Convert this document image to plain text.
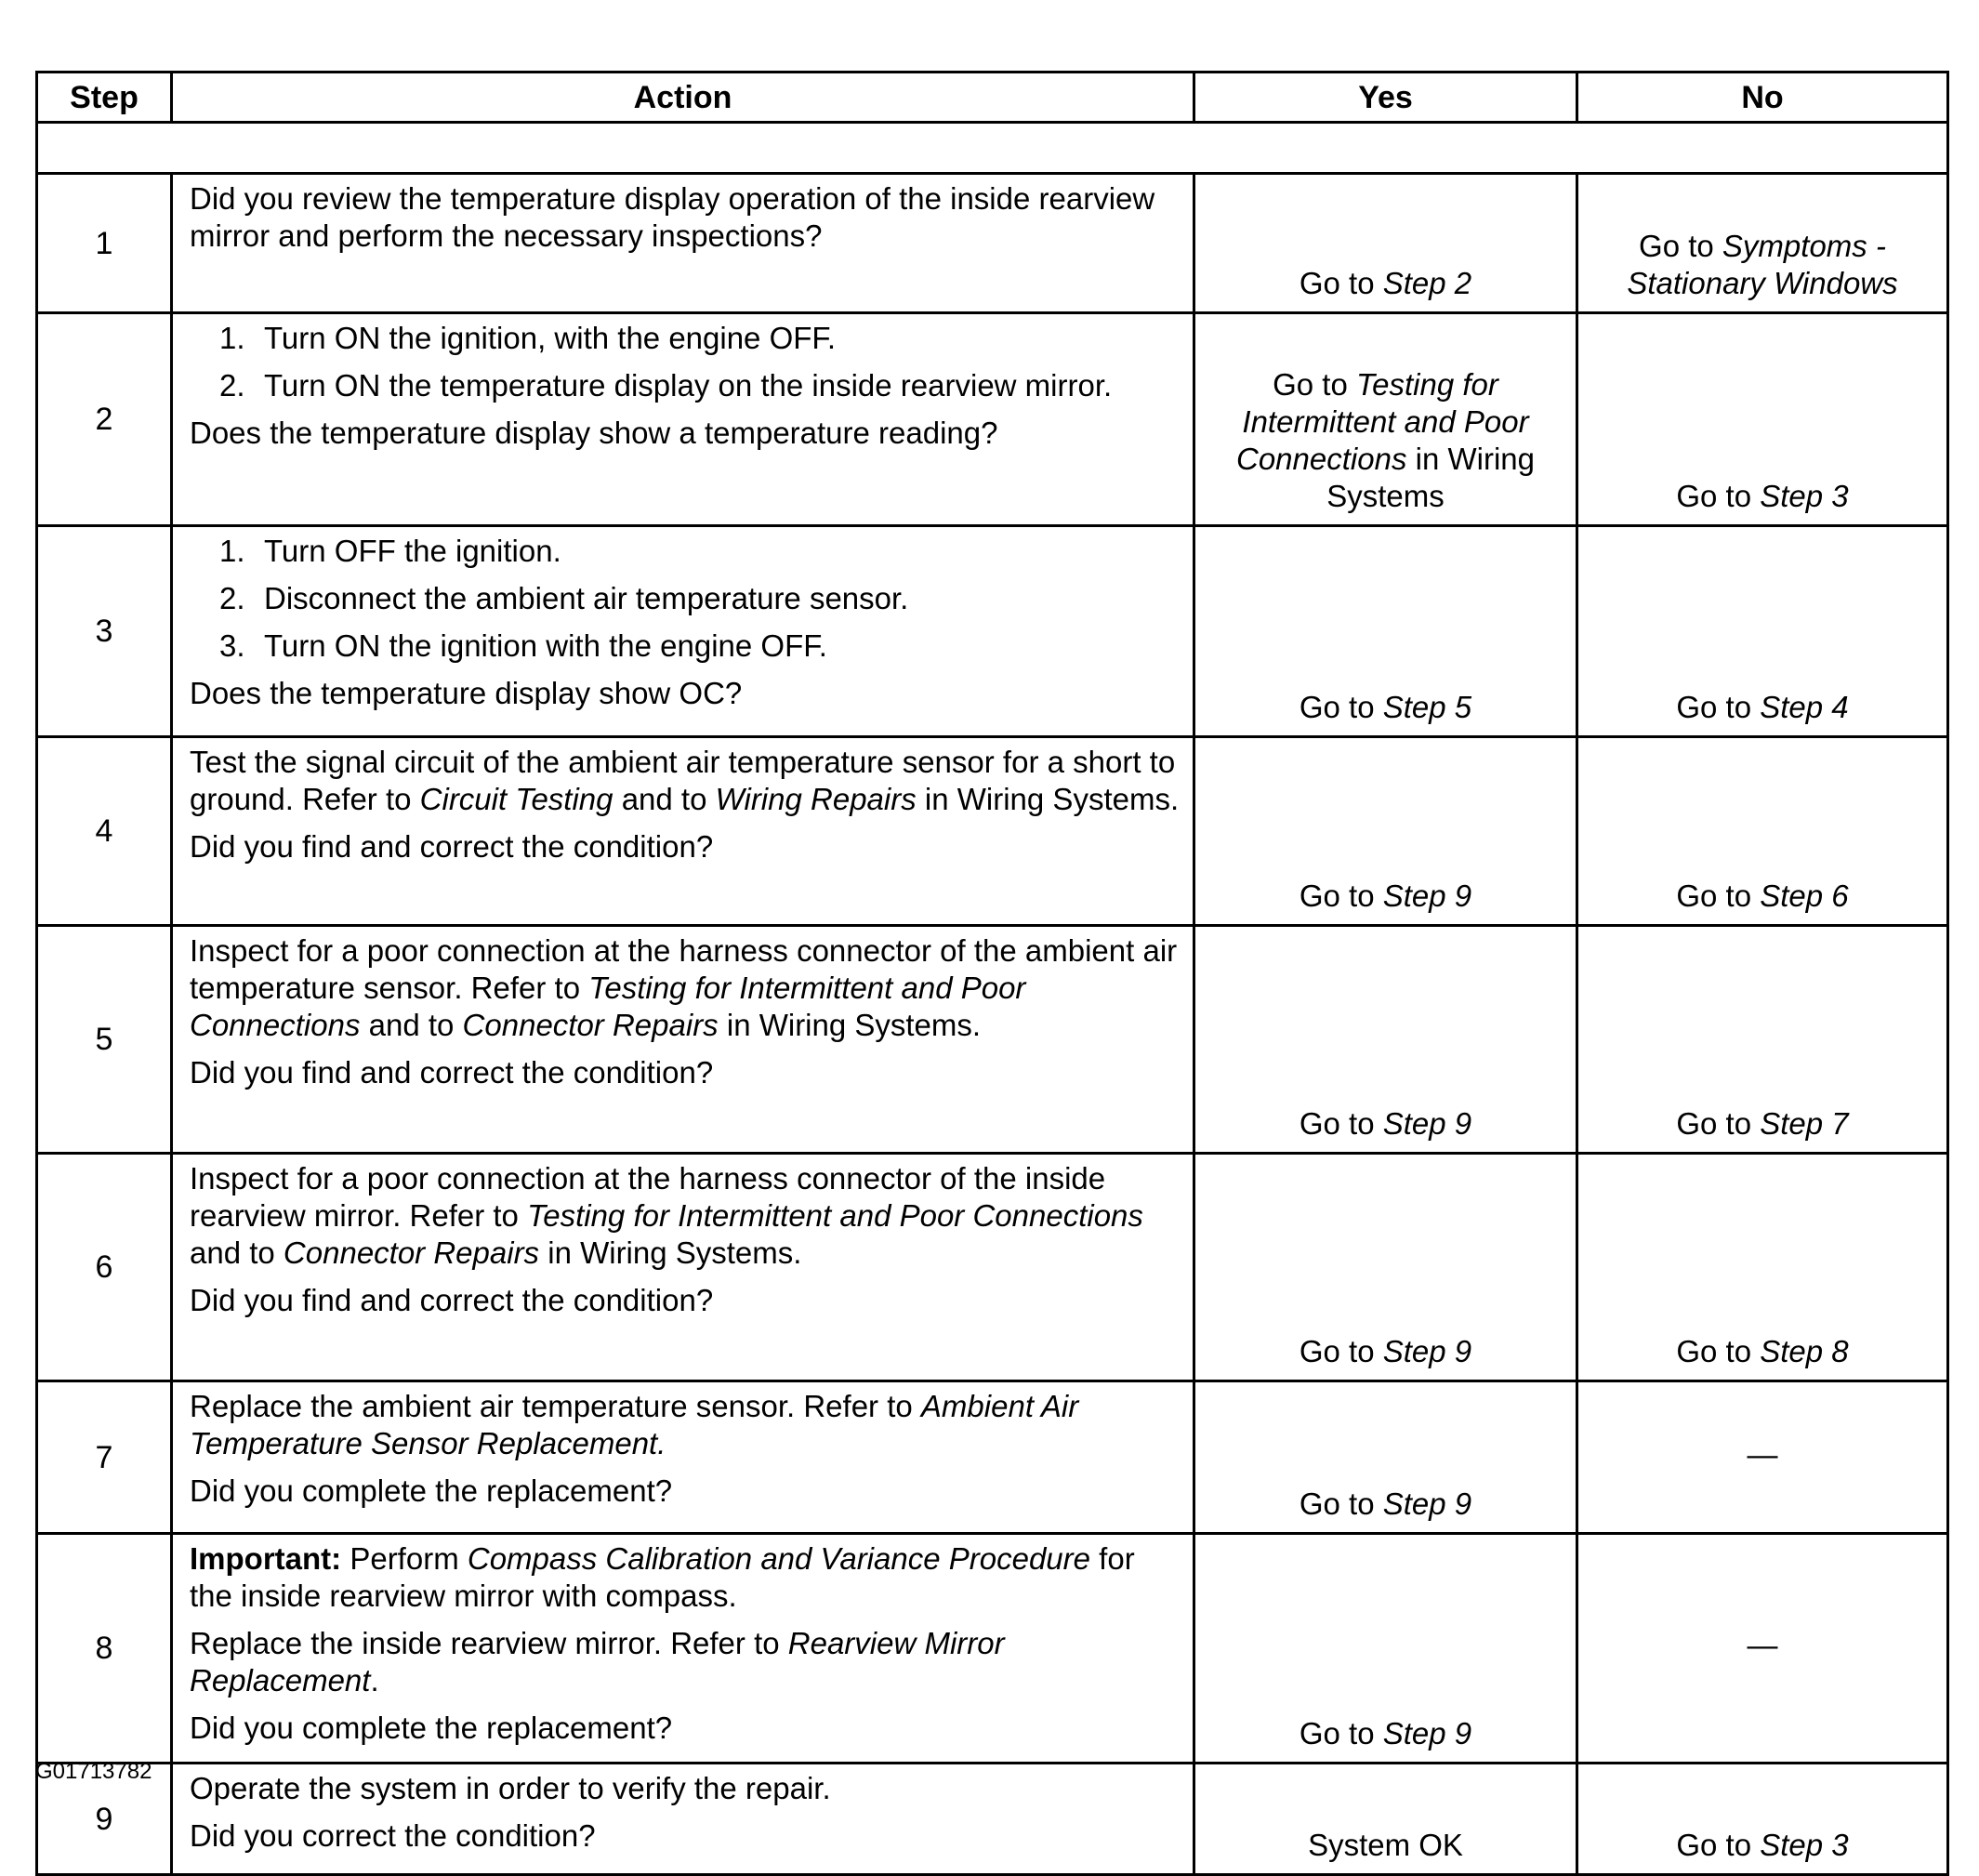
Step	Action	Yes	No

1	Did you review the temperature display operation of the inside rearview mirror and perform the necessary inspections?	Go to Step 2	Go to Symptoms - Stationary Windows
2	1. Turn ON the ignition, with the engine OFF.
2. Turn ON the temperature display on the inside rearview mirror.
Does the temperature display show a temperature reading?	Go to Testing for Intermittent and Poor Connections in Wiring Systems	Go to Step 3
3	1. Turn OFF the ignition.
2. Disconnect the ambient air temperature sensor.
3. Turn ON the ignition with the engine OFF.
Does the temperature display show OC?	Go to Step 5	Go to Step 4
4	Test the signal circuit of the ambient air temperature sensor for a short to ground. Refer to Circuit Testing and to Wiring Repairs in Wiring Systems.
Did you find and correct the condition?	Go to Step 9	Go to Step 6
5	Inspect for a poor connection at the harness connector of the ambient air temperature sensor. Refer to Testing for Intermittent and Poor Connections and to Connector Repairs in Wiring Systems.
Did you find and correct the condition?	Go to Step 9	Go to Step 7
6	Inspect for a poor connection at the harness connector of the inside rearview mirror. Refer to Testing for Intermittent and Poor Connections and to Connector Repairs in Wiring Systems.
Did you find and correct the condition?	Go to Step 9	Go to Step 8
7	Replace the ambient air temperature sensor. Refer to Ambient Air Temperature Sensor Replacement.
Did you complete the replacement?	Go to Step 9	—
8	Important: Perform Compass Calibration and Variance Procedure for the inside rearview mirror with compass.
Replace the inside rearview mirror. Refer to Rearview Mirror Replacement.
Did you complete the replacement?	Go to Step 9	—
9	Operate the system in order to verify the repair.
Did you correct the condition?	System OK	Go to Step 3
G01713782
